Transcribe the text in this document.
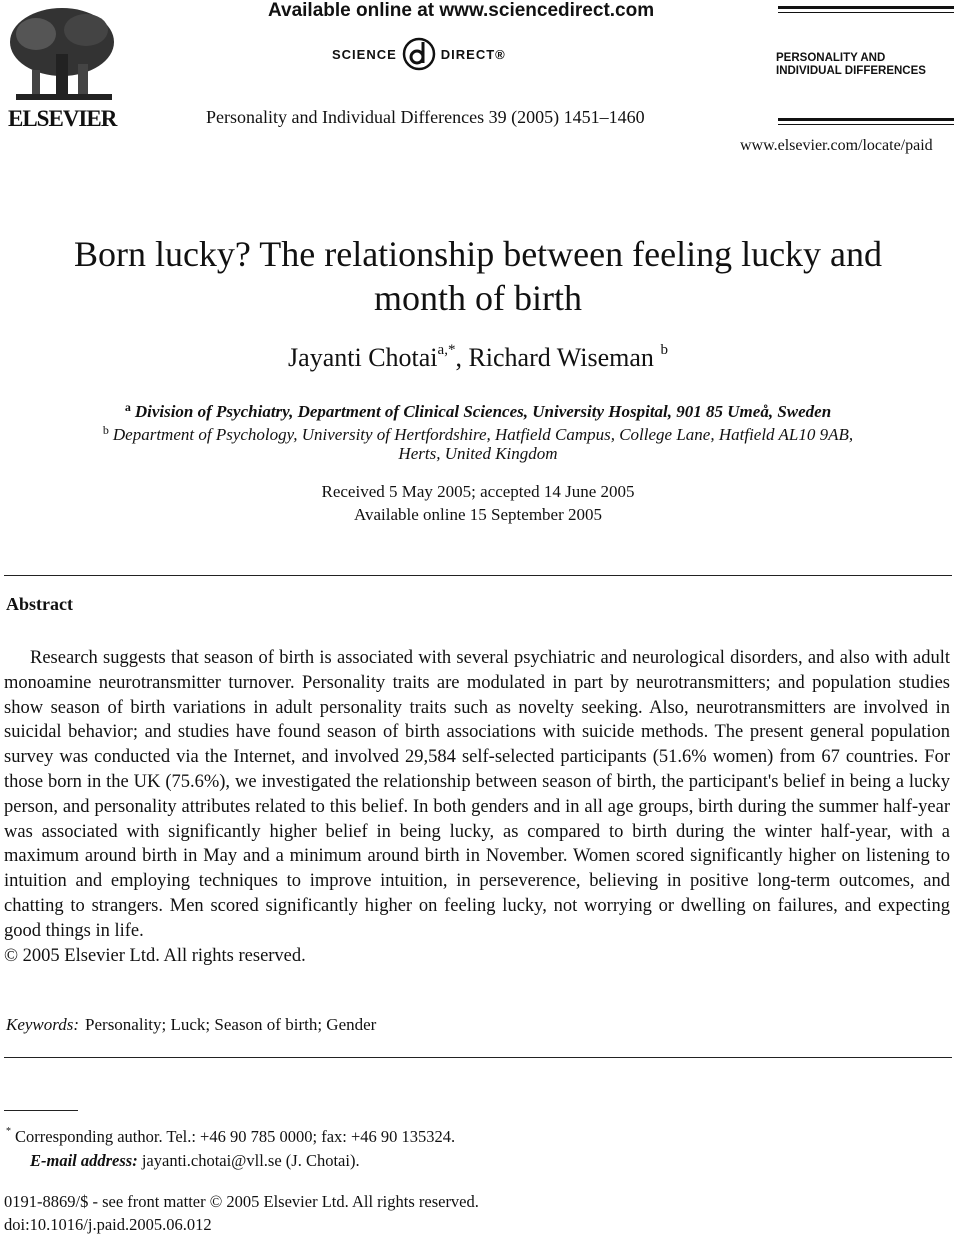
ELSEVIER
Available online at www.sciencedirect.com
SCIENCE	DIRECT®
Personality and Individual Differences 39 (2005) 1451–1460
PERSONALITY AND
INDIVIDUAL DIFFERENCES
www.elsevier.com/locate/paid
Born lucky? The relationship between feeling lucky and
month of birth
Jayanti Chotai$^{a,*}$, Richard Wiseman $^b$
$^a$ Division of Psychiatry, Department of Clinical Sciences, University Hospital, 901 85 Umeå, Sweden
$^b$ Department of Psychology, University of Hertfordshire, Hatfield Campus, College Lane, Hatfield AL10 9AB,
Herts, United Kingdom
Received 5 May 2005; accepted 14 June 2005
Available online 15 September 2005
Abstract
Research suggests that season of birth is associated with several psychiatric and neurological disorders, and also with adult monoamine neurotransmitter turnover. Personality traits are modulated in part by neurotransmitters; and population studies show season of birth variations in adult personality traits such as novelty seeking. Also, neurotransmitters are involved in suicidal behavior; and studies have found season of birth associations with suicide methods. The present general population survey was conducted via the Internet, and involved 29,584 self-selected participants (51.6% women) from 67 countries. For those born in the UK (75.6%), we investigated the relationship between season of birth, the participant's belief in being a lucky person, and personality attributes related to this belief. In both genders and in all age groups, birth during the summer half-year was associated with significantly higher belief in being lucky, as compared to birth during the winter half-year, with a maximum around birth in May and a minimum around birth in November. Women scored significantly higher on listening to intuition and employing techniques to improve intuition, in perseverence, believing in positive long-term outcomes, and chatting to strangers. Men scored significantly higher on feeling lucky, not worrying or dwelling on failures, and expecting good things in life.
© 2005 Elsevier Ltd. All rights reserved.
Keywords: Personality; Luck; Season of birth; Gender
* Corresponding author. Tel.: +46 90 785 0000; fax: +46 90 135324.
E-mail address: jayanti.chotai@vll.se (J. Chotai).
0191-8869/$ - see front matter © 2005 Elsevier Ltd. All rights reserved.
doi:10.1016/j.paid.2005.06.012
